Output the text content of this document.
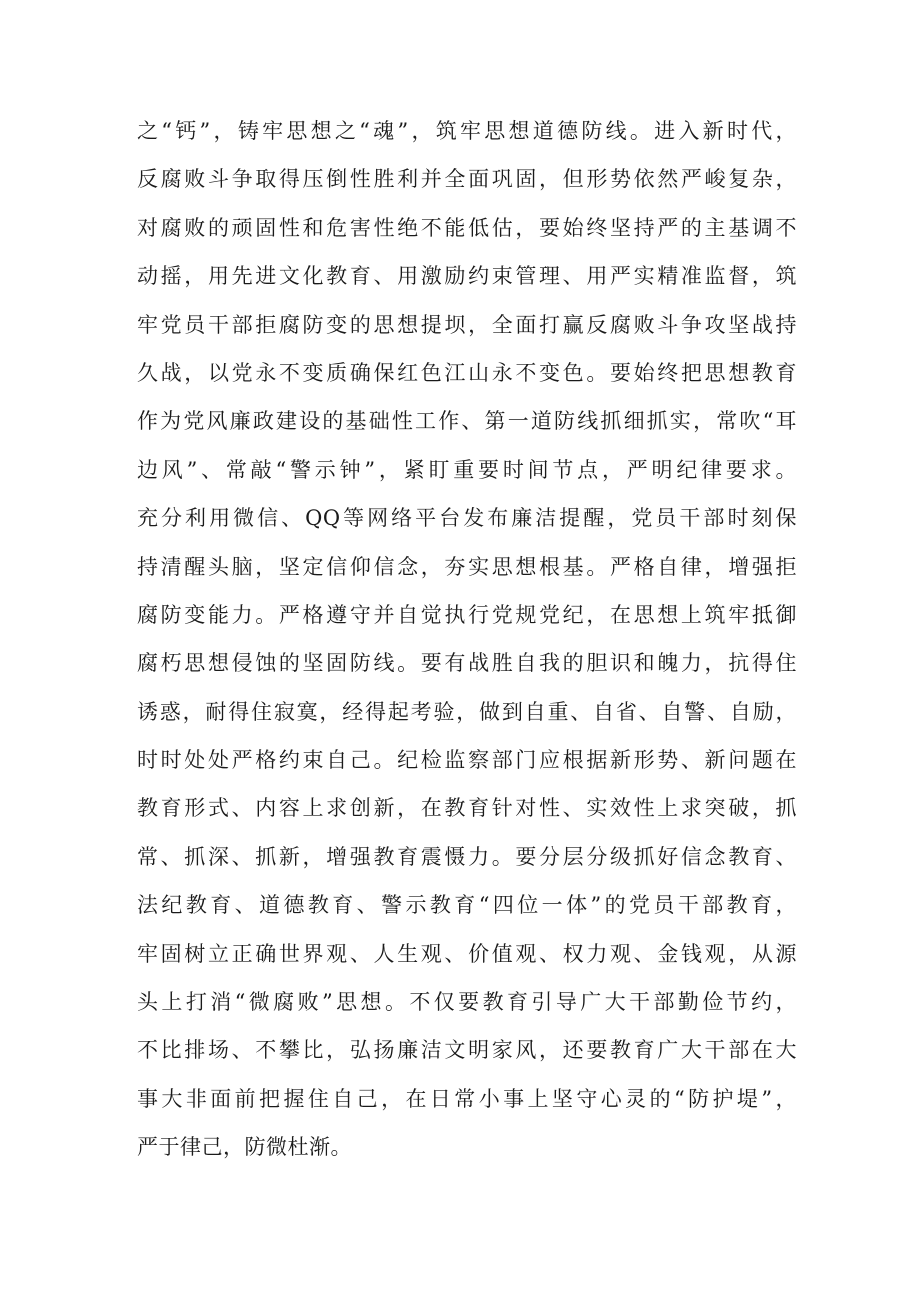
之“钙”，铸牢思想之“魂”，筑牢思想道德防线。进入新时代，
反腐败斗争取得压倒性胜利并全面巩固，但形势依然严峻复杂，
对腐败的顽固性和危害性绝不能低估，要始终坚持严的主基调不
动摇，用先进文化教育、用激励约束管理、用严实精准监督，筑
牢党员干部拒腐防变的思想提坝，全面打赢反腐败斗争攻坚战持
久战，以党永不变质确保红色江山永不变色。要始终把思想教育
作为党风廉政建设的基础性工作、第一道防线抓细抓实，常吹“耳
边风”、常敲“警示钟”，紧盯重要时间节点，严明纪律要求。
充分利用微信、QQ等网络平台发布廉洁提醒，党员干部时刻保
持清醒头脑，坚定信仰信念，夯实思想根基。严格自律，增强拒
腐防变能力。严格遵守并自觉执行党规党纪，在思想上筑牢抵御
腐朽思想侵蚀的坚固防线。要有战胜自我的胆识和魄力，抗得住
诱惑，耐得住寂寞，经得起考验，做到自重、自省、自警、自励，
时时处处严格约束自己。纪检监察部门应根据新形势、新问题在
教育形式、内容上求创新，在教育针对性、实效性上求突破，抓
常、抓深、抓新，增强教育震慑力。要分层分级抓好信念教育、
法纪教育、道德教育、警示教育“四位一体”的党员干部教育，
牢固树立正确世界观、人生观、价值观、权力观、金钱观，从源
头上打消“微腐败”思想。不仅要教育引导广大干部勤俭节约，
不比排场、不攀比，弘扬廉洁文明家风，还要教育广大干部在大
事大非面前把握住自己，在日常小事上坚守心灵的“防护堤”，
严于律己，防微杜渐。
